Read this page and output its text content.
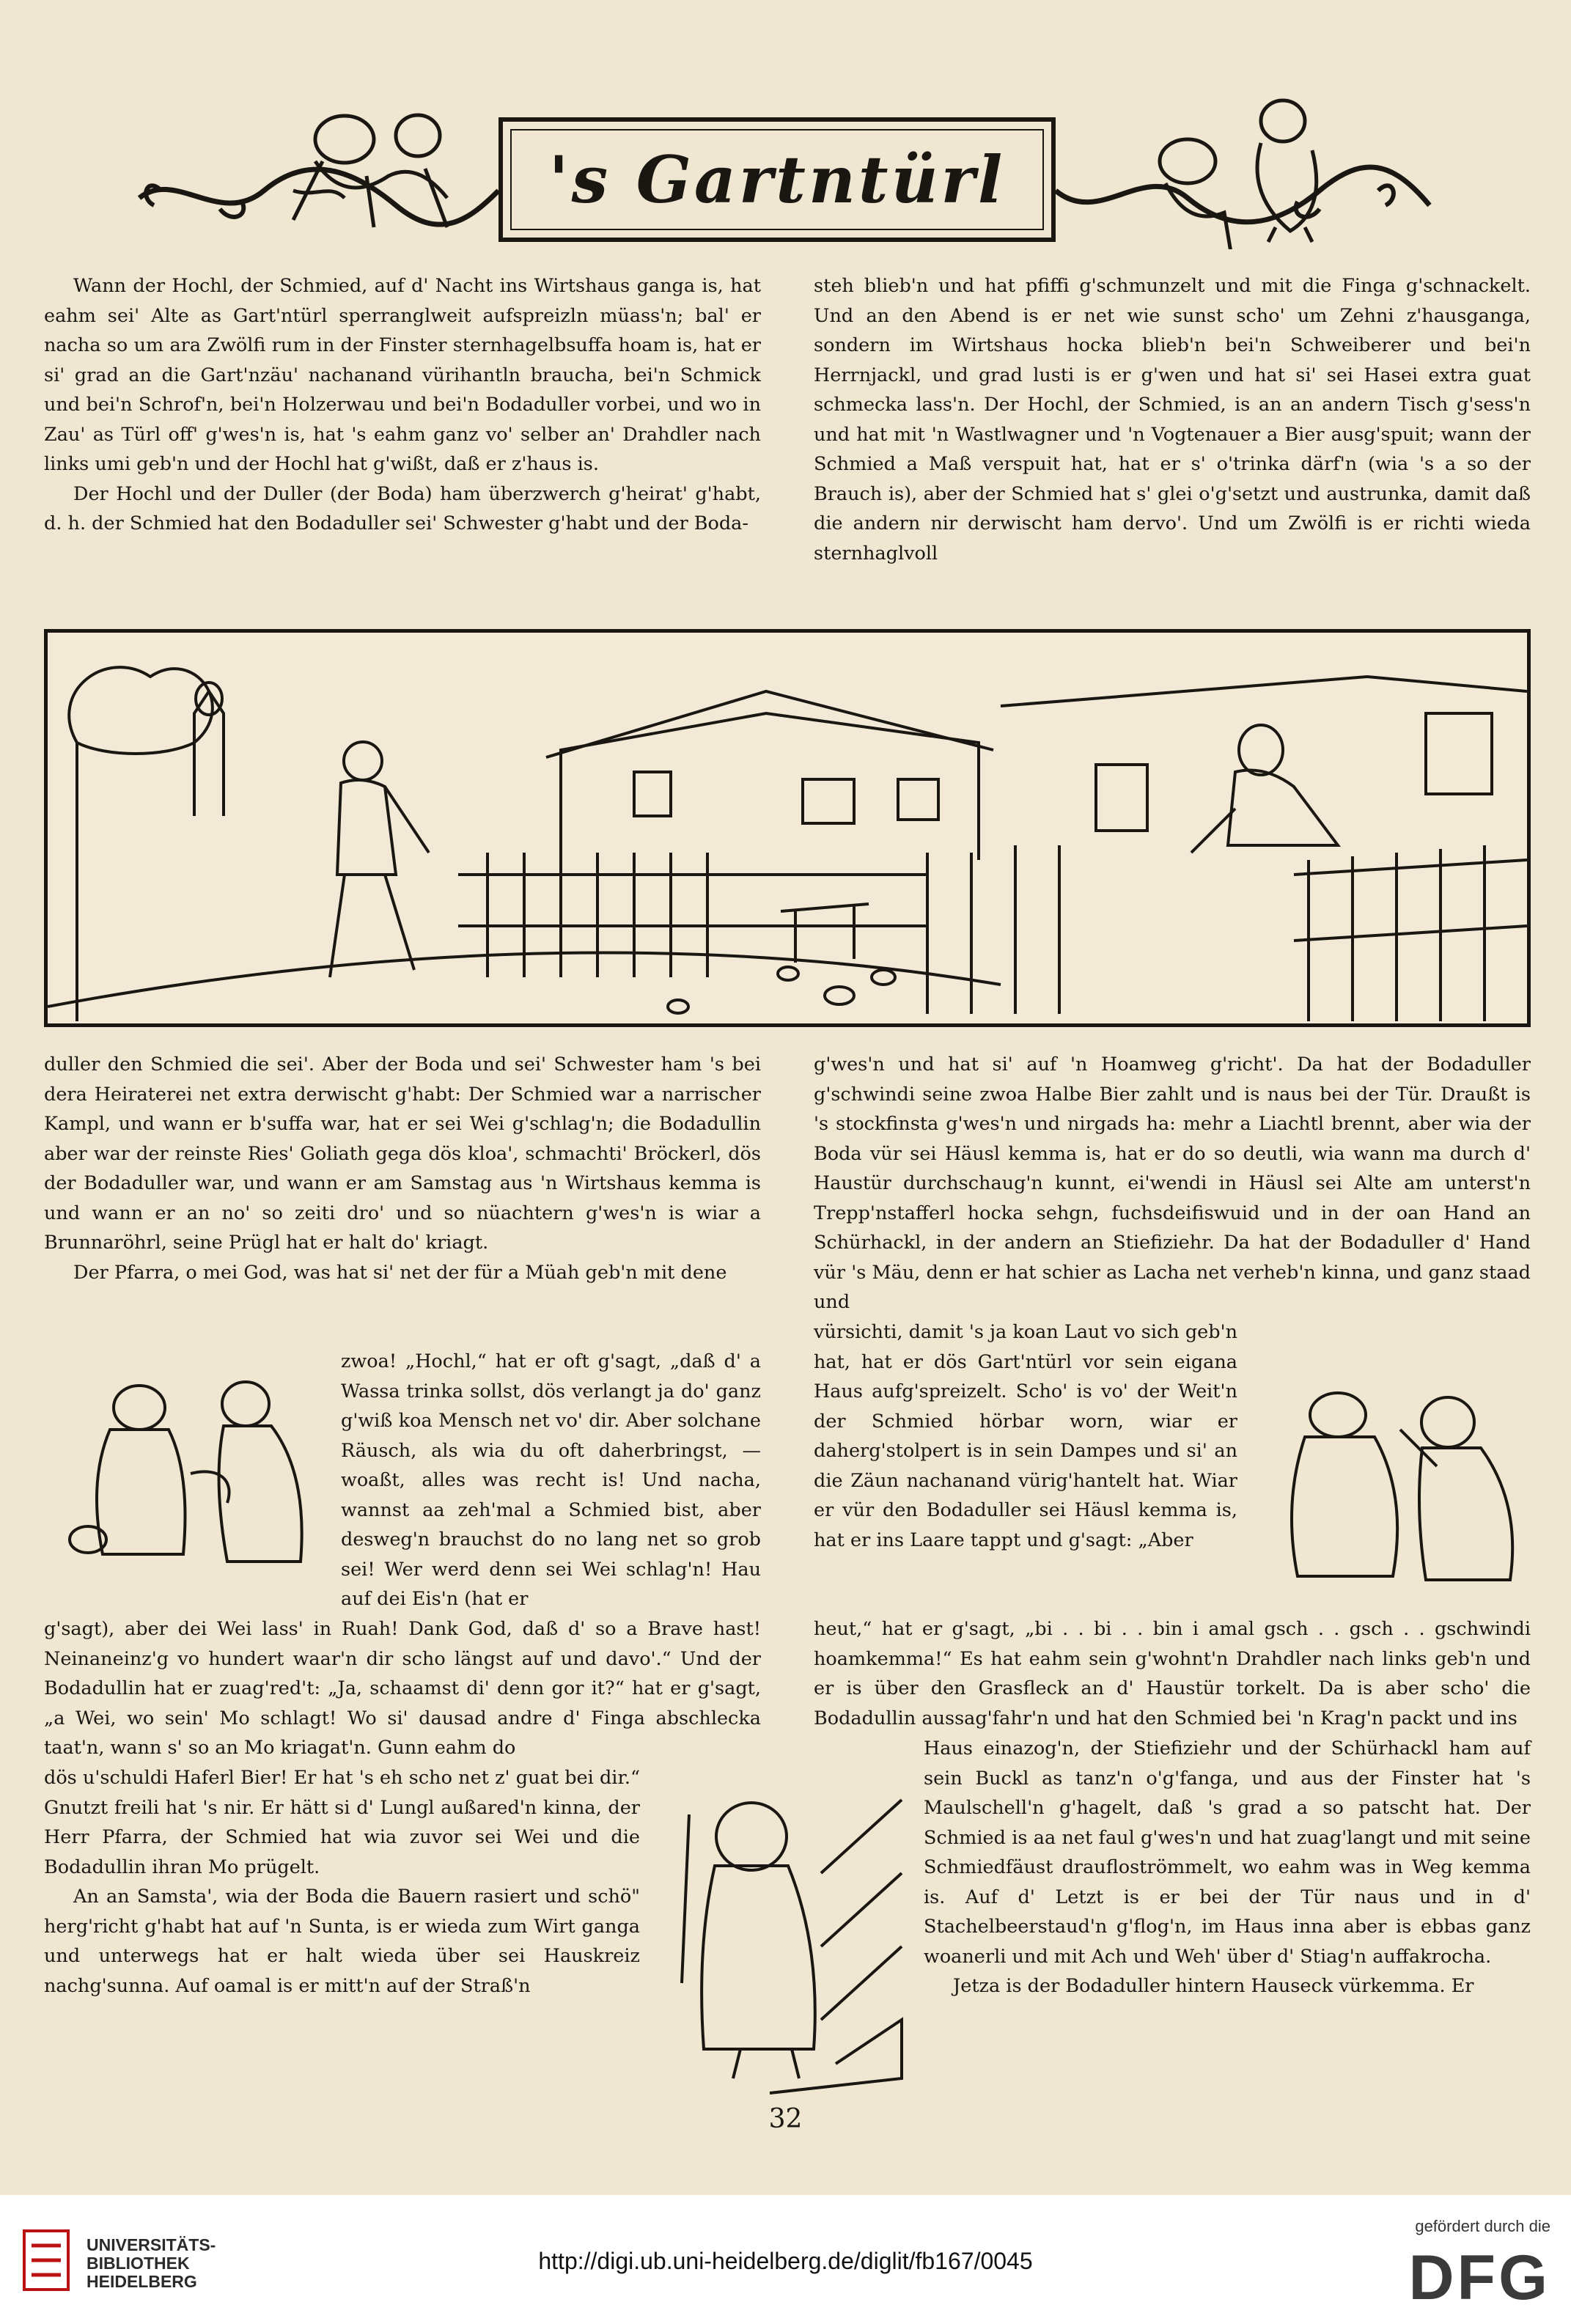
's Gartntürl

Wann der Hochl, der Schmied, auf d' Nacht ins Wirtshaus ganga is, hat eahm sei' Alte as Gart'ntürl sperranglweit aufspreizln müass'n; bal' er nacha so um ara Zwölfi rum in der Finster sternhagelbsuffa hoam is, hat er si' grad an die Gart'nzäu' nachanand vürihantln braucha, bei'n Schmick und bei'n Schrof'n, bei'n Holzerwau und bei'n Bodaduller vorbei, und wo in Zau' as Türl off' g'wes'n is, hat 's eahm ganz vo' selber an' Drahdler nach links umi geb'n und der Hochl hat g'wißt, daß er z'haus is.

Der Hochl und der Duller (der Boda) ham überzwerch g'heirat' g'habt, d. h. der Schmied hat den Bodaduller sei' Schwester g'habt und der Boda-

steh blieb'n und hat pfiffi g'schmunzelt und mit die Finga g'schnackelt. Und an den Abend is er net wie sunst scho' um Zehni z'hausganga, sondern im Wirtshaus hocka blieb'n bei'n Schweiberer und bei'n Herrnjackl, und grad lusti is er g'wen und hat si' sei Hasei extra guat schmecka lass'n. Der Hochl, der Schmied, is an an andern Tisch g'sess'n und hat mit 'n Wastlwagner und 'n Vogtenauer a Bier ausg'spuit; wann der Schmied a Maß verspuit hat, hat er s' o'trinka därf'n (wia 's a so der Brauch is), aber der Schmied hat s' glei o'g'setzt und austrunka, damit daß die andern nir derwischt ham dervo'. Und um Zwölfi is er richti wieda sternhaglvoll

duller den Schmied die sei'. Aber der Boda und sei' Schwester ham 's bei dera Heiraterei net extra derwischt g'habt: Der Schmied war a narrischer Kampl, und wann er b'suffa war, hat er sei Wei g'schlag'n; die Bodadullin aber war der reinste Ries' Goliath gega dös kloa', schmachti' Bröckerl, dös der Bodaduller war, und wann er am Samstag aus 'n Wirtshaus kemma is und wann er an no' so zeiti dro' und so nüachtern g'wes'n is wiar a Brunnaröhrl, seine Prügl hat er halt do' kriagt.

Der Pfarra, o mei God, was hat si' net der für a Müah geb'n mit dene

zwoa! „Hochl,“ hat er oft g'sagt, „daß d' a Wassa trinka sollst, dös verlangt ja do' ganz g'wiß koa Mensch net vo' dir. Aber solchane Räusch, als wia du oft daherbringst, — woaßt, alles was recht is! Und nacha, wannst aa zeh'mal a Schmied bist, aber desweg'n brauchst do no lang net so grob sei! Wer werd denn sei Wei schlag'n! Hau auf dei Eis'n (hat er

g'sagt), aber dei Wei lass' in Ruah! Dank God, daß d' so a Brave hast! Neinaneinz'g vo hundert waar'n dir scho längst auf und davo'.“ Und der Bodadullin hat er zuag'red't: „Ja, schaamst di' denn gor it?“ hat er g'sagt, „a Wei, wo sein' Mo schlagt! Wo si' dausad andre d' Finga abschlecka taat'n, wann s' so an Mo kriagat'n. Gunn eahm do

dös u'schuldi Haferl Bier! Er hat 's eh scho net z' guat bei dir.“ Gnutzt freili hat 's nir. Er hätt si d' Lungl außared'n kinna, der Herr Pfarra, der Schmied hat wia zuvor sei Wei und die Bodadullin ihran Mo prügelt.

An an Samsta', wia der Boda die Bauern rasiert und schö" herg'richt g'habt hat auf 'n Sunta, is er wieda zum Wirt ganga und unterwegs hat er halt wieda über sei Hauskreiz nachg'sunna. Auf oamal is er mitt'n auf der Straß'n

g'wes'n und hat si' auf 'n Hoamweg g'richt'. Da hat der Bodaduller g'schwindi seine zwoa Halbe Bier zahlt und is naus bei der Tür. Draußt is 's stockfinsta g'wes'n und nirgads ha: mehr a Liachtl brennt, aber wia der Boda vür sei Häusl kemma is, hat er do so deutli, wia wann ma durch d' Haustür durchschaug'n kunnt, ei'wendi in Häusl sei Alte am unterst'n Trepp'nstafferl hocka sehgn, fuchsdeifiswuid und in der oan Hand an Schürhackl, in der andern an Stiefiziehr. Da hat der Bodaduller d' Hand vür 's Mäu, denn er hat schier as Lacha net verheb'n kinna, und ganz staad und

vürsichti, damit 's ja koan Laut vo sich geb'n hat, hat er dös Gart'ntürl vor sein eigana Haus aufg'spreizelt. Scho' is vo' der Weit'n der Schmied hörbar worn, wiar er daherg'stolpert is in sein Dampes und si' an die Zäun nachanand vürig'hantelt hat. Wiar er vür den Bodaduller sei Häusl kemma is, hat er ins Laare tappt und g'sagt: „Aber

heut,“ hat er g'sagt, „bi . . bi . . bin i amal gsch . . gsch . . gschwindi hoamkemma!“ Es hat eahm sein g'wohnt'n Drahdler nach links geb'n und er is über den Grasfleck an d' Haustür torkelt. Da is aber scho' die Bodadullin aussag'fahr'n und hat den Schmied bei 'n Krag'n packt und ins

Haus einazog'n, der Stiefiziehr und der Schürhackl ham auf sein Buckl as tanz'n o'g'fanga, und aus der Finster hat 's Maulschell'n g'hagelt, daß 's grad a so patscht hat. Der Schmied is aa net faul g'wes'n und hat zuag'langt und mit seine Schmiedfäust draufloströmmelt, wo eahm was in Weg kemma is. Auf d' Letzt is er bei der Tür naus und in d' Stachelbeerstaud'n g'flog'n, im Haus inna aber is ebbas ganz woanerli und mit Ach und Weh' über d' Stiag'n auffakrocha.

Jetza is der Bodaduller hintern Hauseck vürkemma. Er

32
UNIVERSITÄTS-
BIBLIOTHEK
HEIDELBERG
http://digi.ub.uni-heidelberg.de/diglit/fb167/0045
gefördert durch die
DFG
